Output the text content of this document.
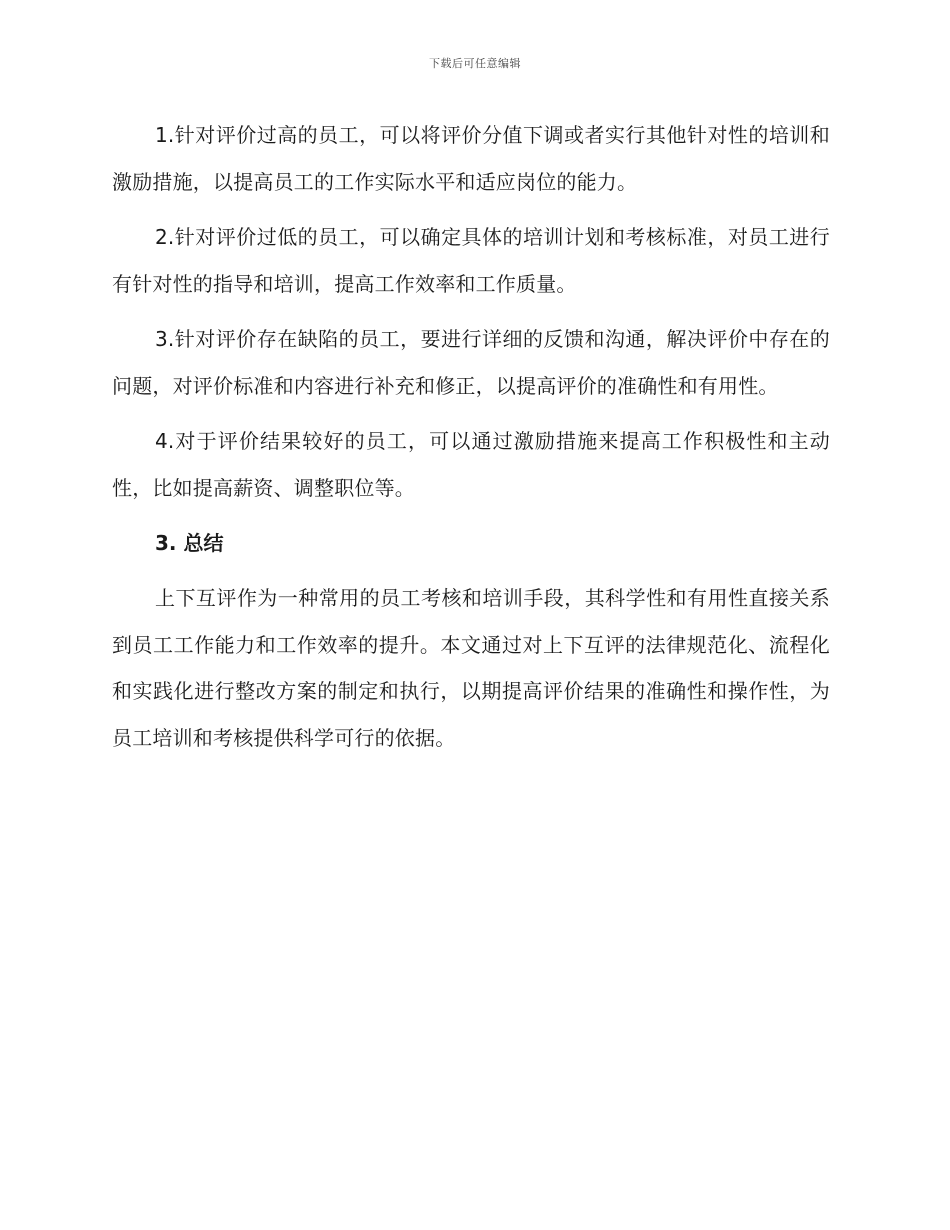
下载后可任意编辑

1.针对评价过高的员工，可以将评价分值下调或者实行其他针对性的培训和激励措施，以提高员工的工作实际水平和适应岗位的能力。

2.针对评价过低的员工，可以确定具体的培训计划和考核标准，对员工进行有针对性的指导和培训，提高工作效率和工作质量。

3.针对评价存在缺陷的员工，要进行详细的反馈和沟通，解决评价中存在的问题，对评价标准和内容进行补充和修正，以提高评价的准确性和有用性。

4.对于评价结果较好的员工，可以通过激励措施来提高工作积极性和主动性，比如提高薪资、调整职位等。

3. 总结

上下互评作为一种常用的员工考核和培训手段，其科学性和有用性直接关系到员工工作能力和工作效率的提升。本文通过对上下互评的法律规范化、流程化和实践化进行整改方案的制定和执行，以期提高评价结果的准确性和操作性，为员工培训和考核提供科学可行的依据。
